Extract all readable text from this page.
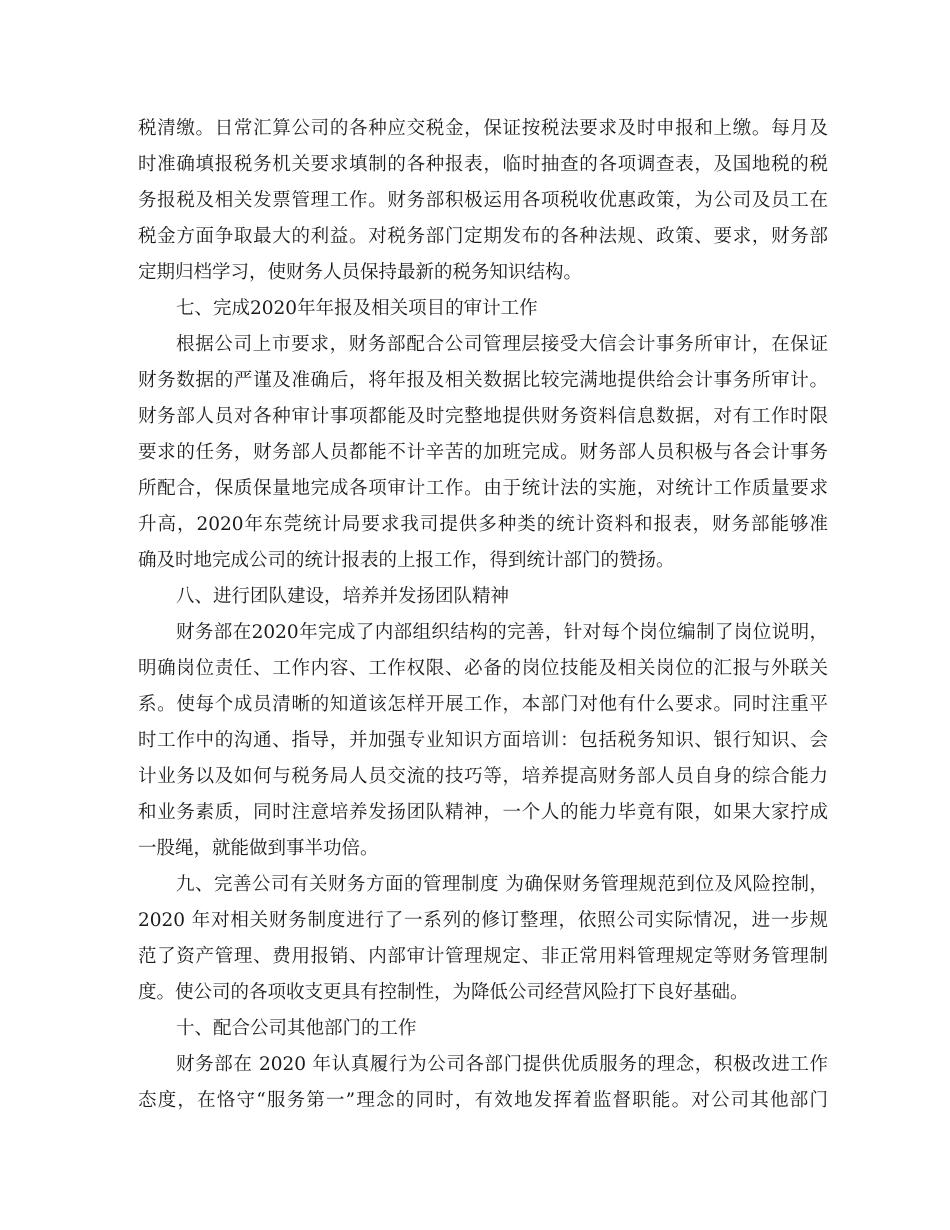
税清缴。日常汇算公司的各种应交税金，保证按税法要求及时申报和上缴。每月及
时准确填报税务机关要求填制的各种报表，临时抽查的各项调查表，及国地税的税
务报税及相关发票管理工作。财务部积极运用各项税收优惠政策，为公司及员工在
税金方面争取最大的利益。对税务部门定期发布的各种法规、政策、要求，财务部
定期归档学习，使财务人员保持最新的税务知识结构。
七、完成2020年年报及相关项目的审计工作
根据公司上市要求，财务部配合公司管理层接受大信会计事务所审计，在保证
财务数据的严谨及准确后，将年报及相关数据比较完满地提供给会计事务所审计。
财务部人员对各种审计事项都能及时完整地提供财务资料信息数据，对有工作时限
要求的任务，财务部人员都能不计辛苦的加班完成。财务部人员积极与各会计事务
所配合，保质保量地完成各项审计工作。由于统计法的实施，对统计工作质量要求
升高，2020年东莞统计局要求我司提供多种类的统计资料和报表，财务部能够准
确及时地完成公司的统计报表的上报工作，得到统计部门的赞扬。
八、进行团队建设，培养并发扬团队精神
财务部在2020年完成了内部组织结构的完善，针对每个岗位编制了岗位说明，
明确岗位责任、工作内容、工作权限、必备的岗位技能及相关岗位的汇报与外联关
系。使每个成员清晰的知道该怎样开展工作，本部门对他有什么要求。同时注重平
时工作中的沟通、指导，并加强专业知识方面培训：包括税务知识、银行知识、会
计业务以及如何与税务局人员交流的技巧等，培养提高财务部人员自身的综合能力
和业务素质，同时注意培养发扬团队精神，一个人的能力毕竟有限，如果大家拧成
一股绳，就能做到事半功倍。
九、完善公司有关财务方面的管理制度 为确保财务管理规范到位及风险控制，
2020 年对相关财务制度进行了一系列的修订整理，依照公司实际情况，进一步规
范了资产管理、费用报销、内部审计管理规定、非正常用料管理规定等财务管理制
度。使公司的各项收支更具有控制性，为降低公司经营风险打下良好基础。
十、配合公司其他部门的工作
财务部在 2020 年认真履行为公司各部门提供优质服务的理念，积极改进工作
态度，在恪守“服务第一”理念的同时，有效地发挥着监督职能。对公司其他部门
